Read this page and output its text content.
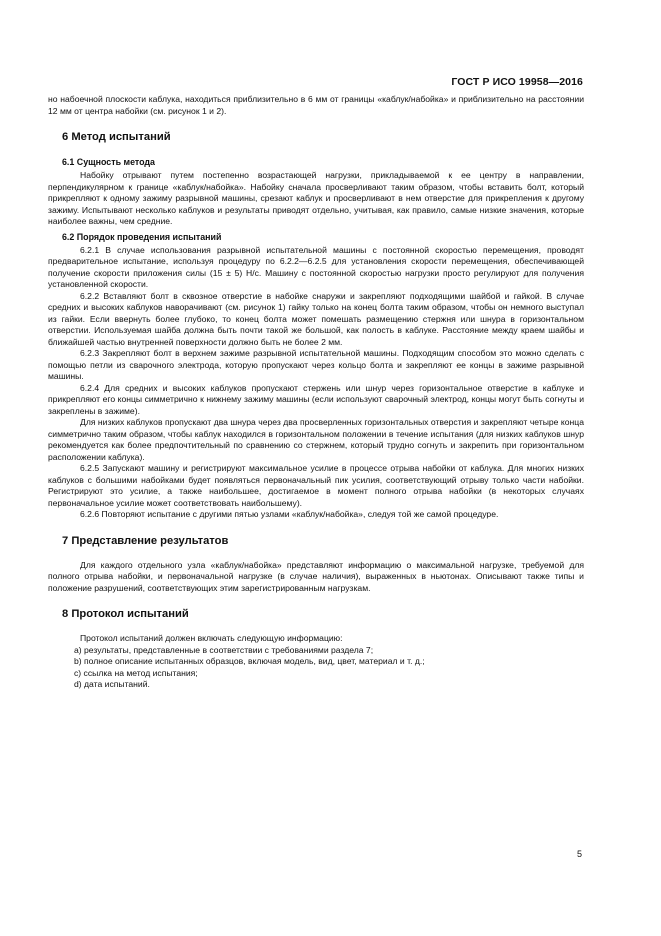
ГОСТ Р ИСО 19958—2016

но набоечной плоскости каблука, находиться приблизительно в 6 мм от границы «каблук/набойка» и приблизительно на расстоянии 12 мм от центра набойки (см. рисунок 1 и 2).

6 Метод испытаний
6.1 Сущность метода

Набойку отрывают путем постепенно возрастающей нагрузки, прикладываемой к ее центру в направлении, перпендикулярном к границе «каблук/набойка». Набойку сначала просверливают таким образом, чтобы вставить болт, который прикрепляют к одному зажиму разрывной машины, срезают каблук и просверливают в нем отверстие для прикрепления к другому зажиму. Испытывают несколько каблуков и результаты приводят отдельно, учитывая, как правило, самые низкие значения, которые наиболее важны, чем средние.

6.2 Порядок проведения испытаний

6.2.1 В случае использования разрывной испытательной машины с постоянной скоростью перемещения, проводят предварительное испытание, используя процедуру по 6.2.2—6.2.5 для установления скорости перемещения, обеспечивающей получение скорости приложения силы (15 ± 5) Н/с. Машину с постоянной скоростью нагрузки просто регулируют для получения установленной скорости.

6.2.2 Вставляют болт в сквозное отверстие в набойке снаружи и закрепляют подходящими шайбой и гайкой. В случае средних и высоких каблуков наворачивают (см. рисунок 1) гайку только на конец болта таким образом, чтобы он немного выступал из гайки. Если ввернуть более глубоко, то конец болта может помешать размещению стержня или шнура в горизонтальном отверстии. Используемая шайба должна быть почти такой же большой, как полость в каблуке. Расстояние между краем шайбы и ближайшей частью внутренней поверхности должно быть не более 2 мм.

6.2.3 Закрепляют болт в верхнем зажиме разрывной испытательной машины. Подходящим способом это можно сделать с помощью петли из сварочного электрода, которую пропускают через кольцо болта и закрепляют ее концы в зажиме разрывной машины.

6.2.4 Для средних и высоких каблуков пропускают стержень или шнур через горизонтальное отверстие в каблуке и прикрепляют его концы симметрично к нижнему зажиму машины (если используют сварочный электрод, концы могут быть согнуты и закреплены в зажиме).

Для низких каблуков пропускают два шнура через два просверленных горизонтальных отверстия и закрепляют четыре конца симметрично таким образом, чтобы каблук находился в горизонтальном положении в течение испытания (для низких каблуков шнур рекомендуется как более предпочтительный по сравнению со стержнем, который трудно согнуть и закрепить при горизонтальном расположении каблука).

6.2.5 Запускают машину и регистрируют максимальное усилие в процессе отрыва набойки от каблука. Для многих низких каблуков с большими набойками будет появляться первоначальный пик усилия, соответствующий отрыву только части набойки. Регистрируют это усилие, а также наибольшее, достигаемое в момент полного отрыва набойки (в некоторых случаях первоначальное усилие может соответствовать наибольшему).

6.2.6 Повторяют испытание с другими пятью узлами «каблук/набойка», следуя той же самой процедуре.

7 Представление результатов

Для каждого отдельного узла «каблук/набойка» представляют информацию о максимальной нагрузке, требуемой для полного отрыва набойки, и первоначальной нагрузке (в случае наличия), выраженных в ньютонах. Описывают также типы и положение разрушений, соответствующих этим зарегистрированным нагрузкам.

8 Протокол испытаний

Протокол испытаний должен включать следующую информацию:

a) результаты, представленные в соответствии с требованиями раздела 7;
b) полное описание испытанных образцов, включая модель, вид, цвет, материал и т. д.;
c) ссылка на метод испытания;
d) дата испытаний.
5
